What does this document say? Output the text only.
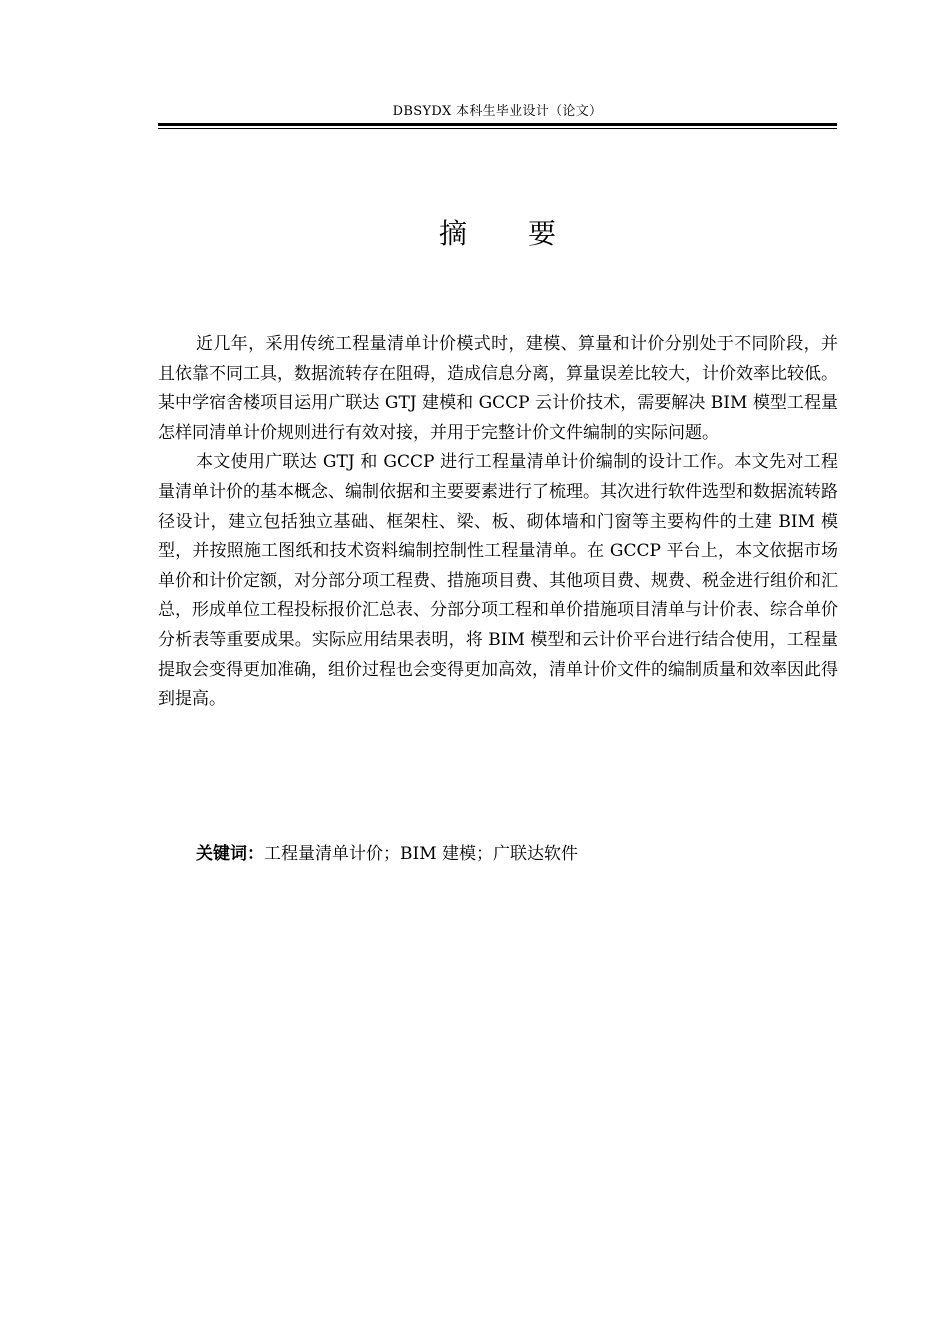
DBSYDX 本科生毕业设计（论文）
摘 要

近几年，采用传统工程量清单计价模式时，建模、算量和计价分别处于不同阶段，并且依靠不同工具，数据流转存在阻碍，造成信息分离，算量误差比较大，计价效率比较低。某中学宿舍楼项目运用广联达 GTJ 建模和 GCCP 云计价技术，需要解决 BIM 模型工程量怎样同清单计价规则进行有效对接，并用于完整计价文件编制的实际问题。

本文使用广联达 GTJ 和 GCCP 进行工程量清单计价编制的设计工作。本文先对工程量清单计价的基本概念、编制依据和主要要素进行了梳理。其次进行软件选型和数据流转路径设计，建立包括独立基础、框架柱、梁、板、砌体墙和门窗等主要构件的土建 BIM 模型，并按照施工图纸和技术资料编制控制性工程量清单。在 GCCP 平台上，本文依据市场单价和计价定额，对分部分项工程费、措施项目费、其他项目费、规费、税金进行组价和汇总，形成单位工程投标报价汇总表、分部分项工程和单价措施项目清单与计价表、综合单价分析表等重要成果。实际应用结果表明，将 BIM 模型和云计价平台进行结合使用，工程量提取会变得更加准确，组价过程也会变得更加高效，清单计价文件的编制质量和效率因此得到提高。

关键词：工程量清单计价；BIM 建模；广联达软件
